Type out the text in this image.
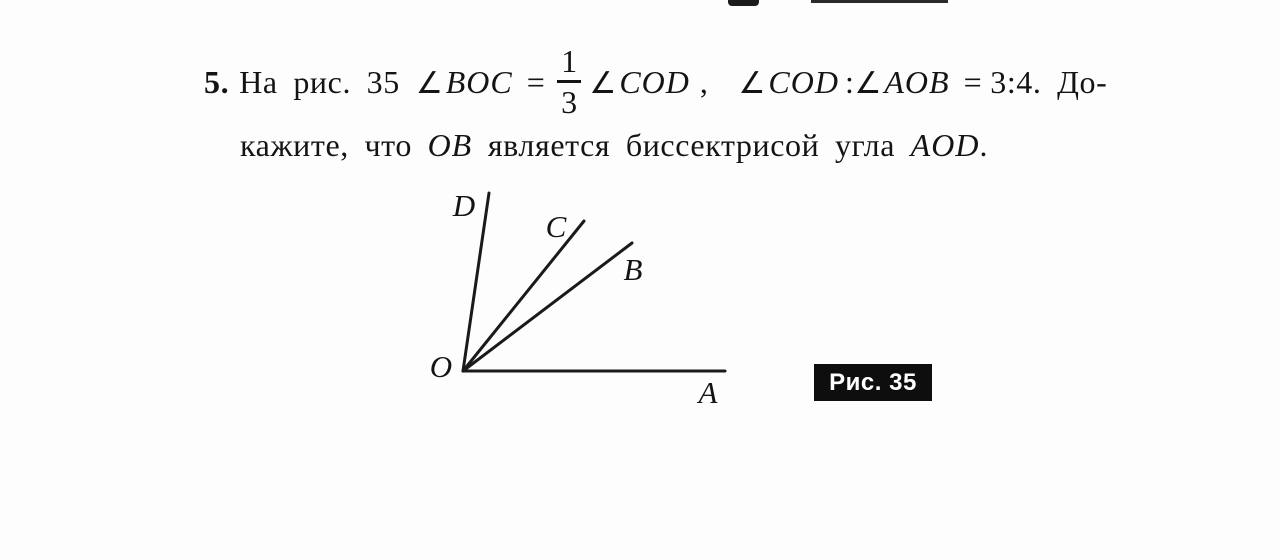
5. На рис. 35 ∠BOC = $\frac{1}{3}$ ∠COD , ∠COD :∠AOB = 3:4. До-
кажите, что OB является биссектрисой угла AOD.
O
A
B
C
D
Рис. 35
